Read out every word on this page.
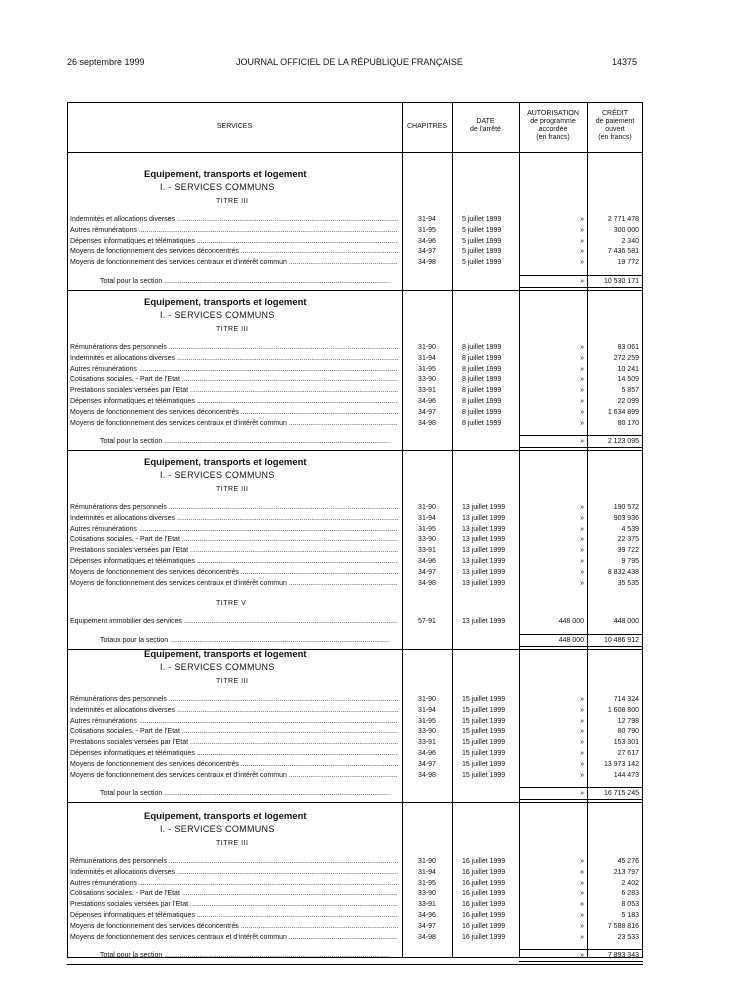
26 septembre 1999	JOURNAL OFFICIEL DE LA RÉPUBLIQUE FRANÇAISE	14375
SERVICES	CHAPITRES
DATE
de l'arrêté
AUTORISATION
de programme
accordée
(en francs)
CRÉDIT
de paiement
ouvert
(en francs)
Equipement, transports et logement
I. - SERVICES COMMUNS
TITRE III
Indemnités et allocations diverses .....	31-94	5 juillet 1999	»	2 771 478
Autres rémunérations .....	31-95	5 juillet 1999	»	300 000
Dépenses informatiques et télématiques .....	34-96	5 juillet 1999	»	2 340
Moyens de fonctionnement des services déconcentrés .....	34-97	5 juillet 1999	»	7 436 581
Moyens de fonctionnement des services centraux et d'intérêt commun .....	34-98	5 juillet 1999	»	19 772
Total pour la section .....	»	10 530 171
Equipement, transports et logement
I. - SERVICES COMMUNS
TITRE III
Rémunérations des personnels .....	31-90	8 juillet 1999	»	83 061
Indemnités et allocations diverses .....	31-94	8 juillet 1999	»	272 259
Autres rémunérations .....	31-95	8 juillet 1999	»	10 241
Cotisations sociales. - Part de l'Etat .....	33-90	8 juillet 1999	»	14 509
Prestations sociales versées par l'Etat .....	33-91	8 juillet 1999	»	5 857
Dépenses informatiques et télématiques .....	34-96	8 juillet 1999	»	22 099
Moyens de fonctionnement des services déconcentrés .....	34-97	8 juillet 1999	»	1 634 899
Moyens de fonctionnement des services centraux et d'intérêt commun .....	34-98	8 juillet 1999	»	80 170
Total pour la section .....	»	2 123 095
Equipement, transports et logement
I. - SERVICES COMMUNS
TITRE III
Rémunérations des personnels .....	31-90	13 juillet 1999	»	190 572
Indemnités et allocations diverses .....	31-94	13 juillet 1999	»	903 936
Autres rémunérations .....	31-95	13 juillet 1999	»	4 539
Cotisations sociales. - Part de l'Etat .....	33-90	13 juillet 1999	»	22 375
Prestations sociales versées par l'Etat .....	33-91	13 juillet 1999	»	39 722
Dépenses informatiques et télématiques .....	34-96	13 juillet 1999	»	9 795
Moyens de fonctionnement des services déconcentrés .....	34-97	13 juillet 1999	»	8 832 438
Moyens de fonctionnement des services centraux et d'intérêt commun .....	34-98	13 juillet 1999	»	35 535
TITRE V
Equipement immobilier des services .....	57-91	13 juillet 1999	448 000	448 000
Totaux pour la section .....	448 000	10 486 912
Equipement, transports et logement
I. - SERVICES COMMUNS
TITRE III
Rémunérations des personnels .....	31-90	15 juillet 1999	»	714 324
Indemnités et allocations diverses .....	31-94	15 juillet 1999	»	1 608 800
Autres rémunérations .....	31-95	15 juillet 1999	»	12 798
Cotisations sociales. - Part de l'Etat .....	33-90	15 juillet 1999	»	80 790
Prestations sociales versées par l'Etat .....	33-91	15 juillet 1999	»	153 301
Dépenses informatiques et télématiques .....	34-96	15 juillet 1999	»	27 617
Moyens de fonctionnement des services déconcentrés .....	34-97	15 juillet 1999	»	13 973 142
Moyens de fonctionnement des services centraux et d'intérêt commun .....	34-98	15 juillet 1999	»	144 473
Total pour la section .....	»	16 715 245
Equipement, transports et logement
I. - SERVICES COMMUNS
TITRE III
Rémunérations des personnels .....	31-90	16 juillet 1999	»	45 276
Indemnités et allocations diverses .....	31-94	16 juillet 1999	»	213 797
Autres rémunérations .....	31-95	16 juillet 1999	»	2 402
Cotisations sociales. - Part de l'Etat .....	33-90	16 juillet 1999	»	6 283
Prestations sociales versées par l'Etat .....	33-91	16 juillet 1999	»	8 053
Dépenses informatiques et télématiques .....	34-96	16 juillet 1999	»	5 183
Moyens de fonctionnement des services déconcentrés .....	34-97	16 juillet 1999	»	7 588 816
Moyens de fonctionnement des services centraux et d'intérêt commun .....	34-98	16 juillet 1999	»	23 533
Total pour la section .....	»	7 893 343
